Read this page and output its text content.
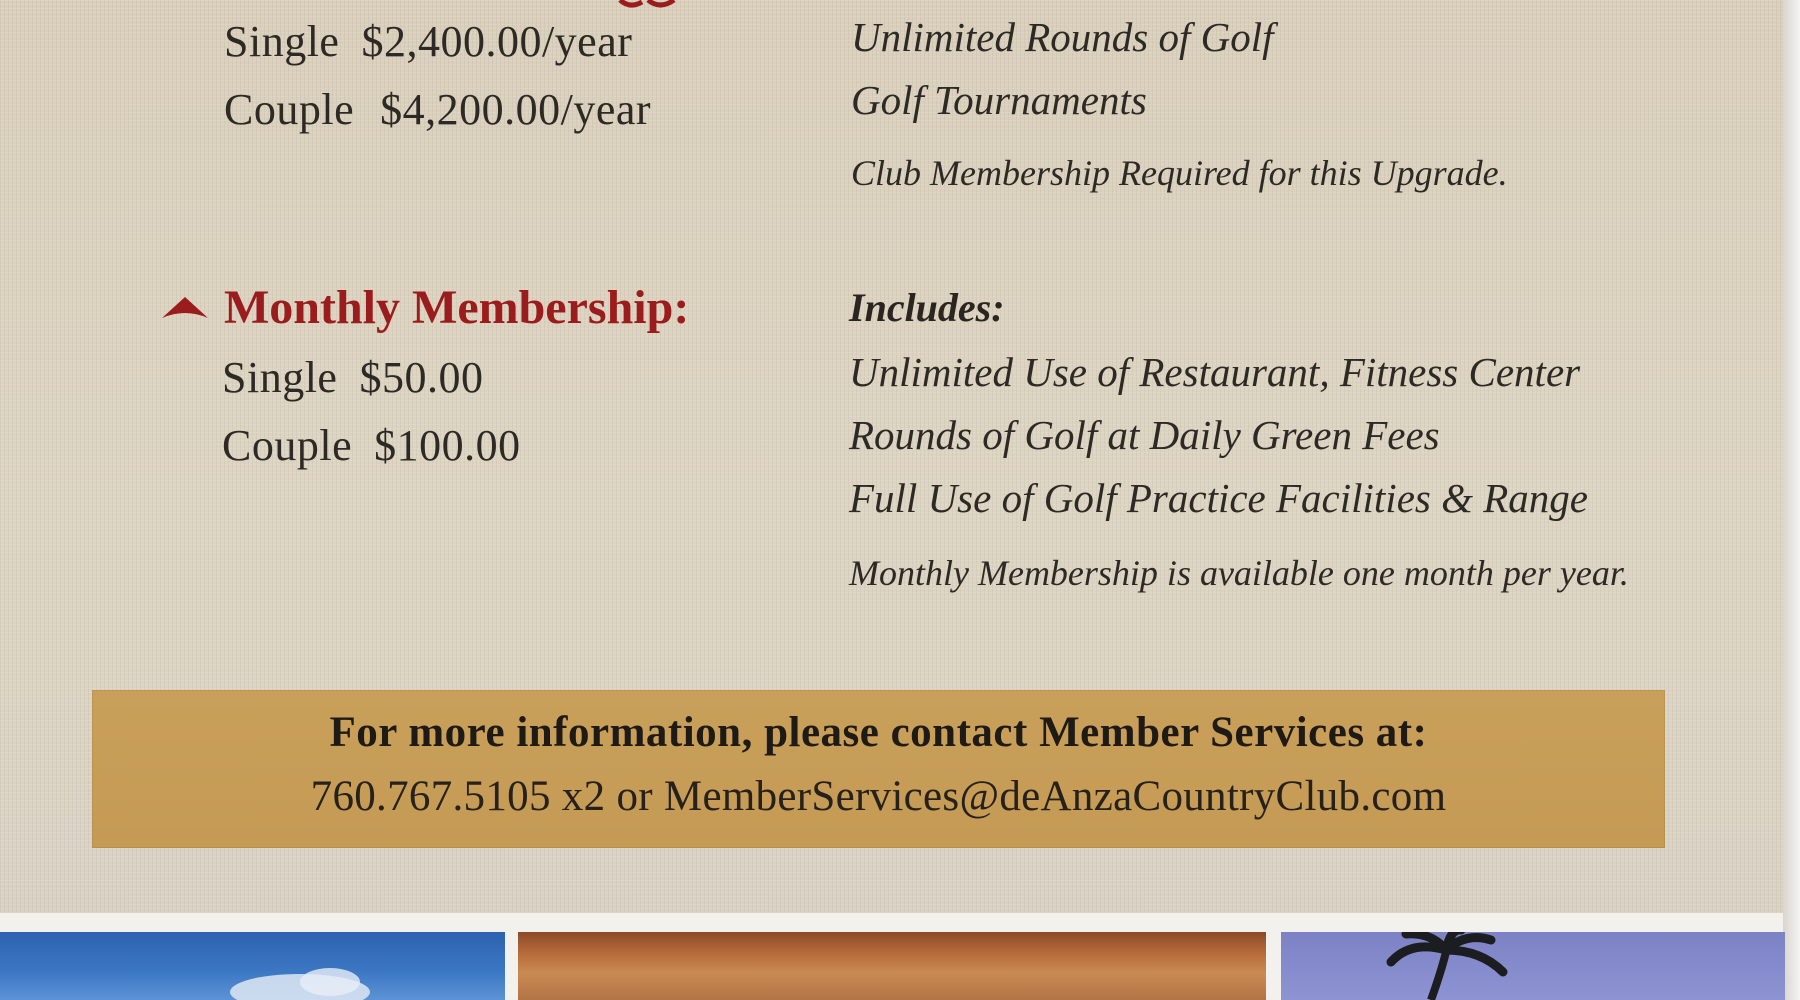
Single $2,400.00/year
Couple $4,200.00/year
Unlimited Rounds of Golf
Golf Tournaments
Club Membership Required for this Upgrade.
Monthly Membership:
Single $50.00
Couple $100.00
Includes:
Unlimited Use of Restaurant, Fitness Center
Rounds of Golf at Daily Green Fees
Full Use of Golf Practice Facilities & Range
Monthly Membership is available one month per year.
For more information, please contact Member Services at:
760.767.5105 x2 or MemberServices@deAnzaCountryClub.com
